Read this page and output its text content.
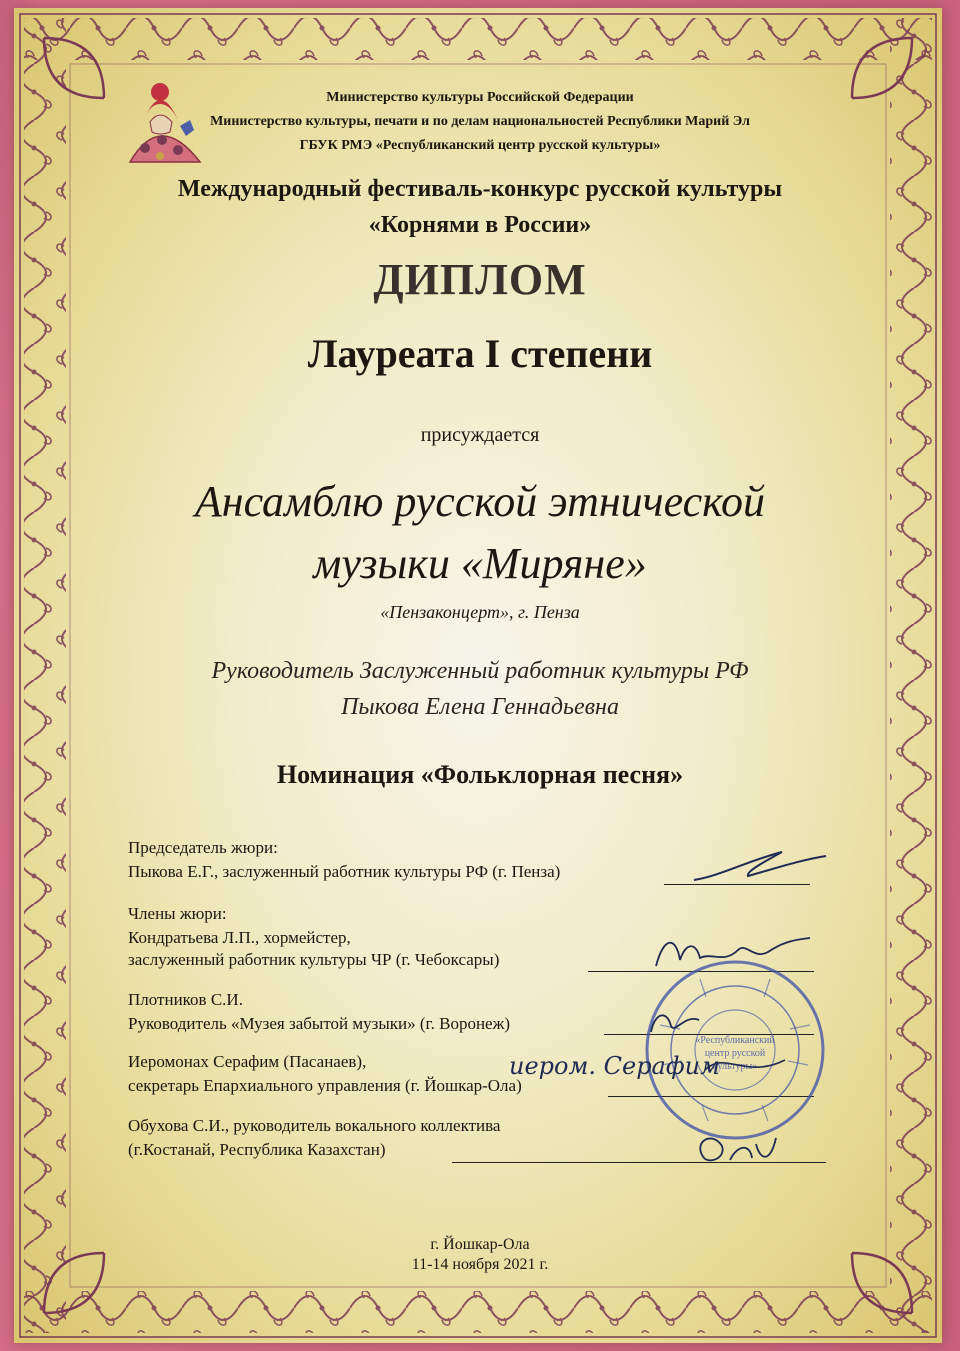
Министерство культуры Российской Федерации
Министерство культуры, печати и по делам национальностей Республики Марий Эл
ГБУК РМЭ «Республиканский центр русской культуры»
Международный фестиваль-конкурс русской культуры
«Корнями в России»
ДИПЛОМ
Лауреата I степени
присуждается
Ансамблю русской этнической
музыки «Миряне»
«Пензаконцерт», г. Пенза
Руководитель Заслуженный работник культуры РФ
Пыкова Елена Геннадьевна
Номинация «Фольклорная песня»
Председатель жюри:
Пыкова Е.Г., заслуженный работник культуры РФ (г. Пенза)
Члены жюри:
Кондратьева Л.П., хормейстер,
заслуженный работник культуры ЧР (г. Чебоксары)
Плотников С.И.
Руководитель «Музея забытой музыки» (г. Воронеж)
Иеромонах Серафим (Пасанаев),
секретарь Епархиального управления (г. Йошкар-Ола)
Обухова С.И., руководитель вокального коллектива
(г.Костанай, Республика Казахстан)
«Республиканский
центр русской
культуры»
иером. Серафим
г. Йошкар-Ола
11-14 ноября 2021 г.
